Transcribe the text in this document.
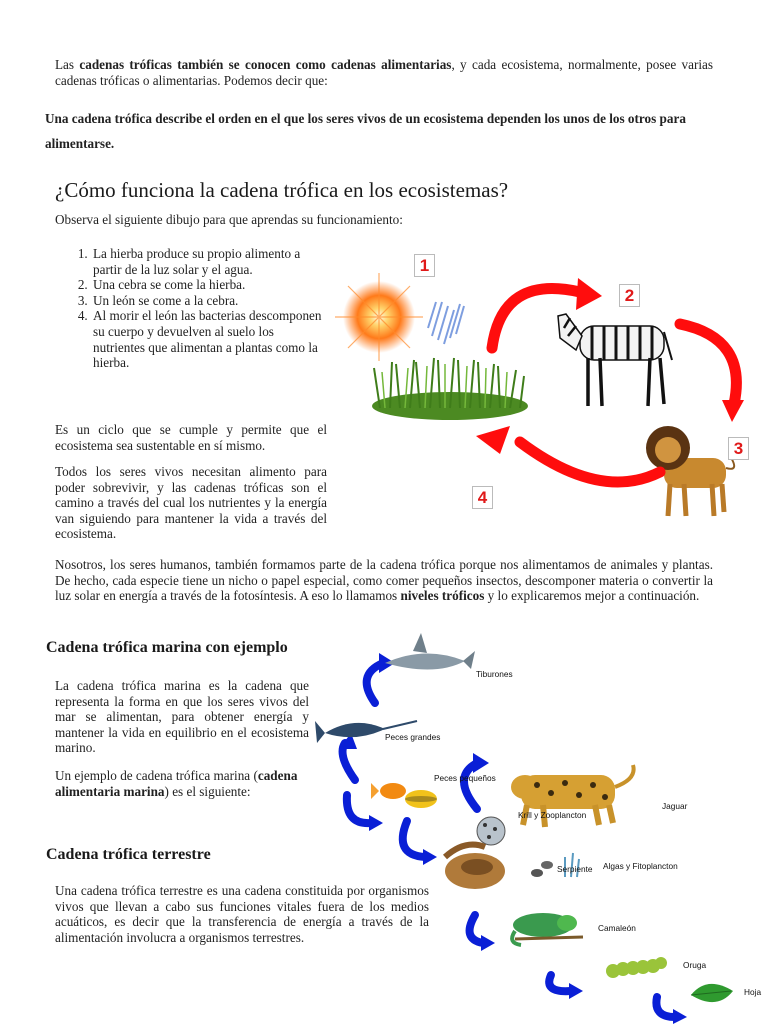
Las cadenas tróficas también se conocen como cadenas alimentarias, y cada ecosistema, normalmente, posee varias cadenas tróficas o alimentarias. Podemos decir que:
Una cadena trófica describe el orden en el que los seres vivos de un ecosistema dependen los unos de los otros para alimentarse.
¿Cómo funciona la cadena trófica en los ecosistemas?
Observa el siguiente dibujo para que aprendas su funcionamiento:
1. La hierba produce su propio alimento a partir de la luz solar y el agua.
2. Una cebra se come la hierba.
3. Un león se come a la cebra.
4. Al morir el león las bacterias descomponen su cuerpo y devuelven al suelo los nutrientes que alimentan a plantas como la hierba.
Es un ciclo que se cumple y permite que el ecosistema sea sustentable en sí mismo.
Todos los seres vivos necesitan alimento para poder sobrevivir, y las cadenas tróficas son el camino a través del cual los nutrientes y la energía van siguiendo para mantener la vida a través del ecosistema.
Nosotros, los seres humanos, también formamos parte de la cadena trófica porque nos alimentamos de animales y plantas. De hecho, cada especie tiene un nicho o papel especial, como comer pequeños insectos, descomponer materia o convertir la luz solar en energía a través de la fotosíntesis. A eso lo llamamos niveles tróficos y lo explicaremos mejor a continuación.
1
2
3
4
Cadena trófica marina con ejemplo
La cadena trófica marina es la cadena que representa la forma en que los seres vivos del mar se alimentan, para obtener energía y mantener la vida en equilibrio en el ecosistema marino.
Un ejemplo de cadena trófica marina (cadena alimentaria marina) es el siguiente:
Cadena trófica terrestre
Una cadena trófica terrestre es una cadena constituida por organismos vivos que llevan a cabo sus funciones vitales fuera de los medios acuáticos, es decir que la transferencia de energía a través de la alimentación involucra a organismos terrestres.
Tiburones
Peces grandes
Peces pequeños
Krill y Zooplancton
Algas y Fitoplancton
Jaguar
Serpiente
Camaleón
Oruga
Hoja
